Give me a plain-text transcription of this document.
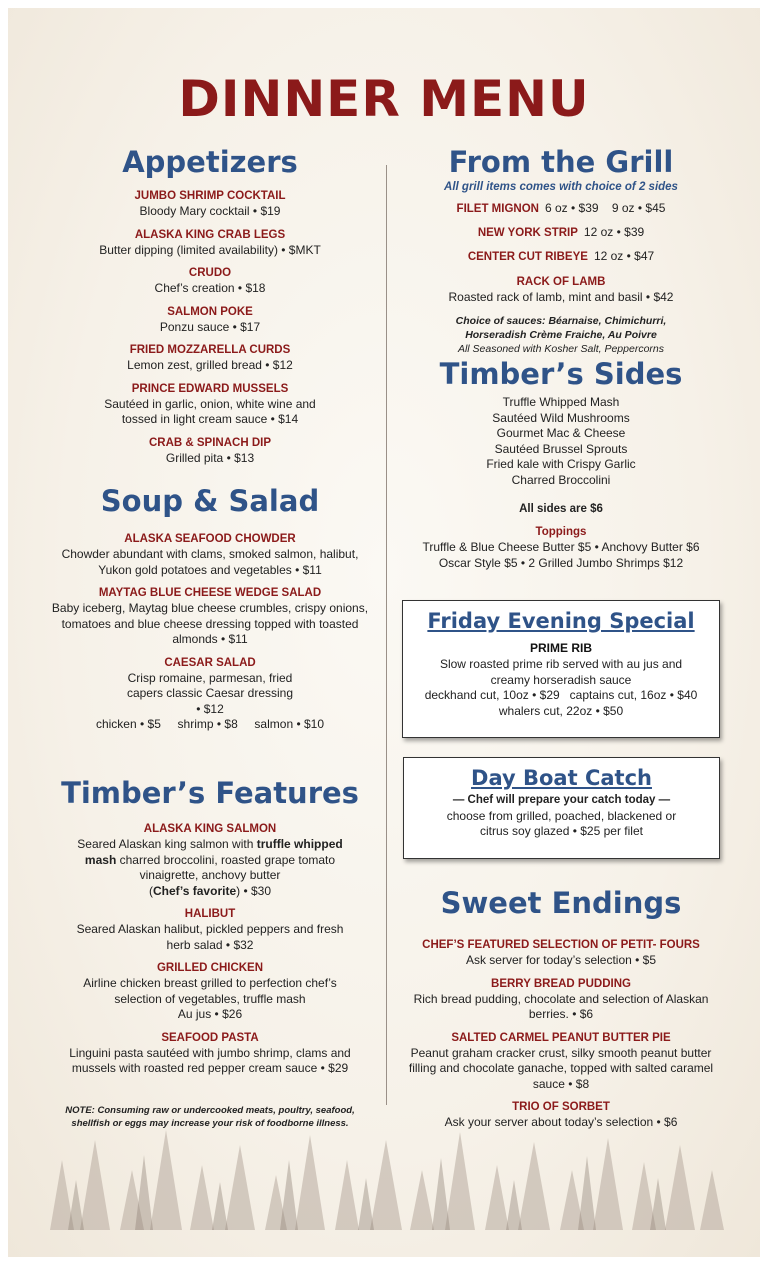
DINNER MENU
Appetizers
JUMBO SHRIMP COCKTAIL
Bloody Mary cocktail • $19
ALASKA KING CRAB LEGS
Butter dipping (limited availability) • $MKT
CRUDO
Chef’s creation • $18
SALMON POKE
Ponzu sauce • $17
FRIED MOZZARELLA CURDS
Lemon zest, grilled bread • $12
PRINCE EDWARD MUSSELS
Sautéed in garlic, onion, white wine and tossed in light cream sauce • $14
CRAB & SPINACH DIP
Grilled pita • $13
Soup & Salad
ALASKA SEAFOOD CHOWDER
Chowder abundant with clams, smoked salmon, halibut, Yukon gold potatoes and vegetables • $11
MAYTAG BLUE CHEESE WEDGE SALAD
Baby iceberg, Maytag blue cheese crumbles, crispy onions, tomatoes and blue cheese dressing topped with toasted almonds • $11
CAESAR SALAD
Crisp romaine, parmesan, fried capers classic Caesar dressing • $12
chicken • $5     shrimp • $8     salmon • $10
Timber’s Features
ALASKA KING SALMON
Seared Alaskan king salmon with truffle whipped mash charred broccolini, roasted grape tomato vinaigrette, anchovy butter
(Chef’s favorite) • $30
HALIBUT
Seared Alaskan halibut, pickled peppers and fresh herb salad • $32
GRILLED CHICKEN
Airline chicken breast grilled to perfection chef’s selection of vegetables, truffle mash
Au jus • $26
SEAFOOD PASTA
Linguini pasta sautéed with jumbo shrimp, clams and mussels with roasted red pepper cream sauce • $29
NOTE: Consuming raw or undercooked meats, poultry, seafood, shellfish or eggs may increase your risk of foodborne illness.
From the Grill
All grill items comes with choice of 2 sides
FILET MIGNON 6 oz • $39    9 oz • $45
NEW YORK STRIP 12 oz • $39
CENTER CUT RIBEYE 12 oz • $47
RACK OF LAMB
Roasted rack of lamb, mint and basil • $42
Choice of sauces: Béarnaise, Chimichurri, Horseradish Crème Fraiche, Au Poivre
All Seasoned with Kosher Salt, Peppercorns
Timber’s Sides
Truffle Whipped Mash
Sautéed Wild Mushrooms
Gourmet Mac & Cheese
Sautéed Brussel Sprouts
Fried kale with Crispy Garlic
Charred Broccolini
All sides are $6
Toppings
Truffle & Blue Cheese Butter $5 • Anchovy Butter $6
Oscar Style $5 • 2 Grilled Jumbo Shrimps $12
Friday Evening Special
PRIME RIB
Slow roasted prime rib served with au jus and creamy horseradish sauce
deckhand cut, 10oz • $29   captains cut, 16oz • $40
whalers cut, 22oz • $50
Day Boat Catch
— Chef will prepare your catch today —
choose from grilled, poached, blackened or citrus soy glazed • $25 per filet
Sweet Endings
CHEF’S FEATURED SELECTION OF PETIT- FOURS
Ask server for today’s selection • $5
BERRY BREAD PUDDING
Rich bread pudding, chocolate and selection of Alaskan berries. • $6
SALTED CARMEL PEANUT BUTTER PIE
Peanut graham cracker crust, silky smooth peanut butter filling and chocolate ganache, topped with salted caramel sauce • $8
TRIO OF SORBET
Ask your server about today’s selection • $6
